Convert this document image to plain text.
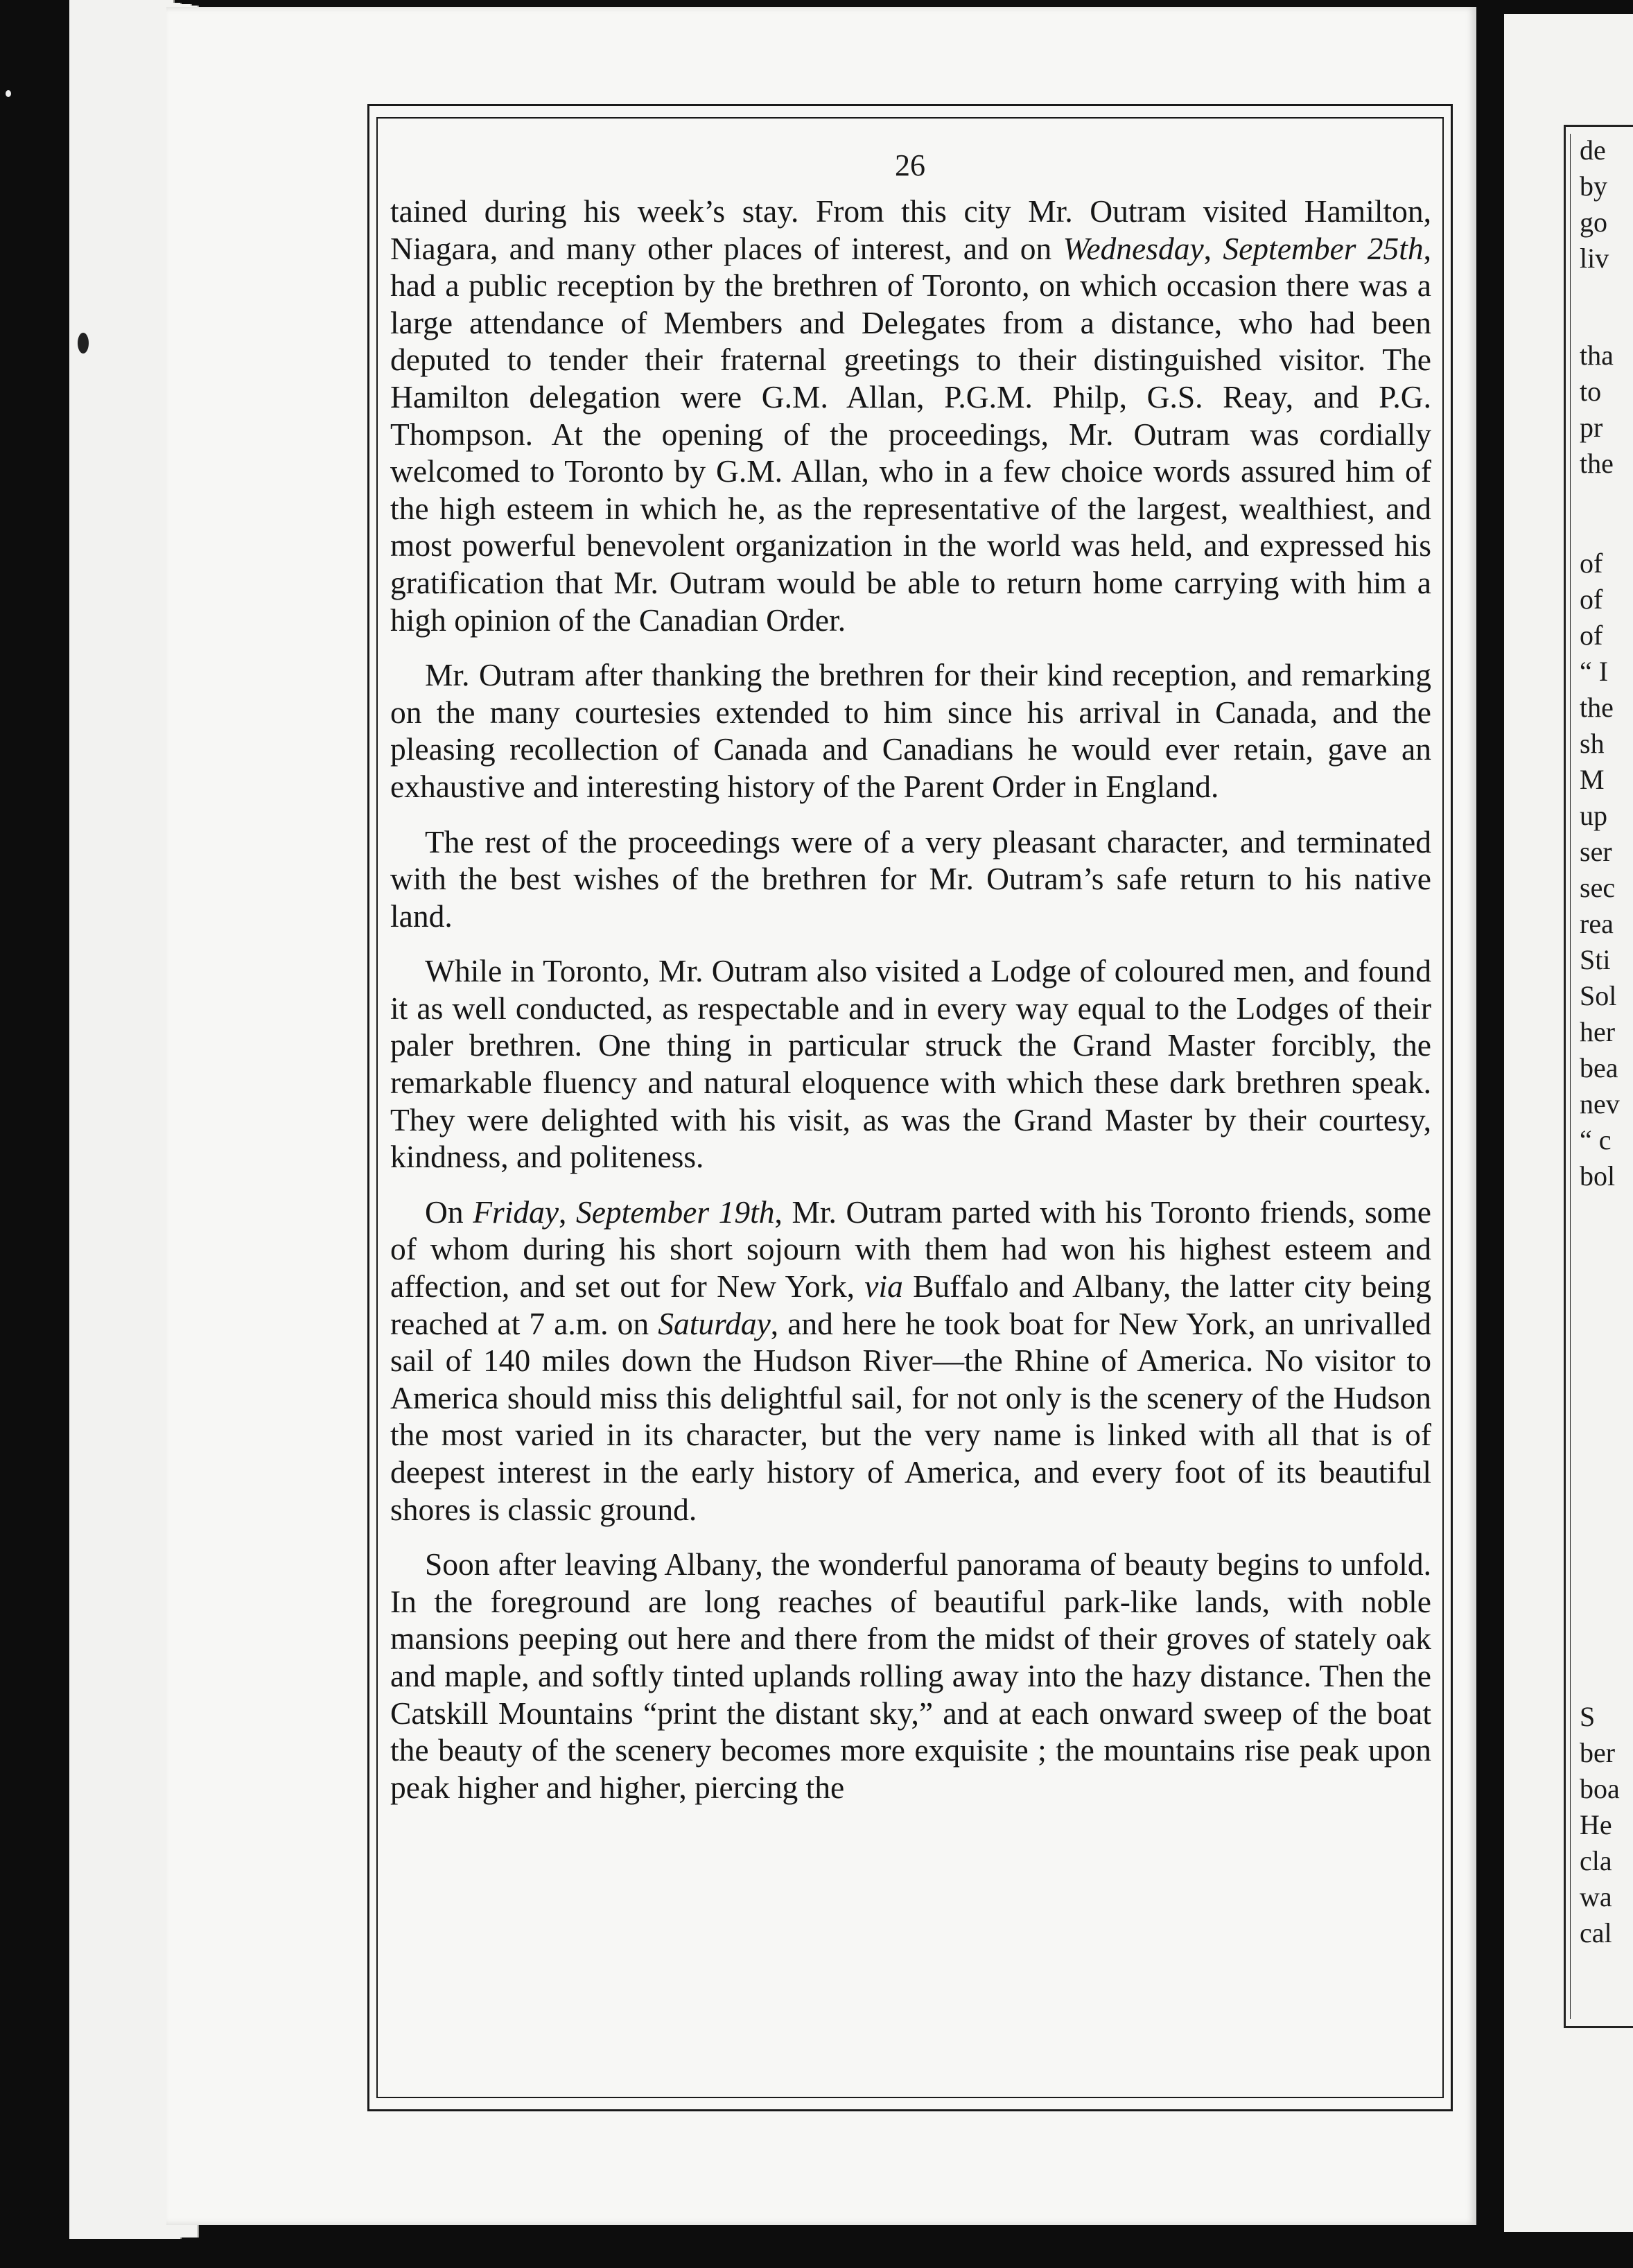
de
by
go
liv
tha
to
pr
the
of
of
of
“ I
the
sh
M
up
ser
sec
rea
Sti
Sol
her
bea
nev
“ c
bol
S
ber
boa
He
cla
wa
cal
26

tained during his week’s stay. From this city Mr. Outram visited Hamilton, Niagara, and many other places of interest, and on Wednesday, September 25th, had a public reception by the brethren of Toronto, on which occasion there was a large attendance of Members and Delegates from a distance, who had been deputed to tender their fraternal greetings to their distinguished visitor. The Hamilton delegation were G.M. Allan, P.G.M. Philp, G.S. Reay, and P.G. Thompson. At the opening of the proceedings, Mr. Outram was cordially welcomed to Toronto by G.M. Allan, who in a few choice words assured him of the high esteem in which he, as the representative of the largest, wealthiest, and most powerful benevolent organization in the world was held, and expressed his gratification that Mr. Outram would be able to return home carrying with him a high opinion of the Canadian Order.

Mr. Outram after thanking the brethren for their kind reception, and remarking on the many courtesies extended to him since his arrival in Canada, and the pleasing recollection of Canada and Canadians he would ever retain, gave an exhaustive and interesting history of the Parent Order in England.

The rest of the proceedings were of a very pleasant character, and terminated with the best wishes of the brethren for Mr. Outram’s safe return to his native land.

While in Toronto, Mr. Outram also visited a Lodge of coloured men, and found it as well conducted, as respectable and in every way equal to the Lodges of their paler brethren. One thing in particular struck the Grand Master forcibly, the remarkable fluency and natural eloquence with which these dark brethren speak. They were delighted with his visit, as was the Grand Master by their courtesy, kindness, and politeness.

On Friday, September 19th, Mr. Outram parted with his Toronto friends, some of whom during his short sojourn with them had won his highest esteem and affection, and set out for New York, via Buffalo and Albany, the latter city being reached at 7 a.m. on Saturday, and here he took boat for New York, an unrivalled sail of 140 miles down the Hudson River—the Rhine of America. No visitor to America should miss this delightful sail, for not only is the scenery of the Hudson the most varied in its character, but the very name is linked with all that is of deepest interest in the early history of America, and every foot of its beautiful shores is classic ground.

Soon after leaving Albany, the wonderful panorama of beauty begins to unfold. In the foreground are long reaches of beautiful park-like lands, with noble mansions peeping out here and there from the midst of their groves of stately oak and maple, and softly tinted uplands rolling away into the hazy distance. Then the Catskill Mountains “print the distant sky,” and at each onward sweep of the boat the beauty of the scenery becomes more exquisite ; the mountains rise peak upon peak higher and higher, piercing the
